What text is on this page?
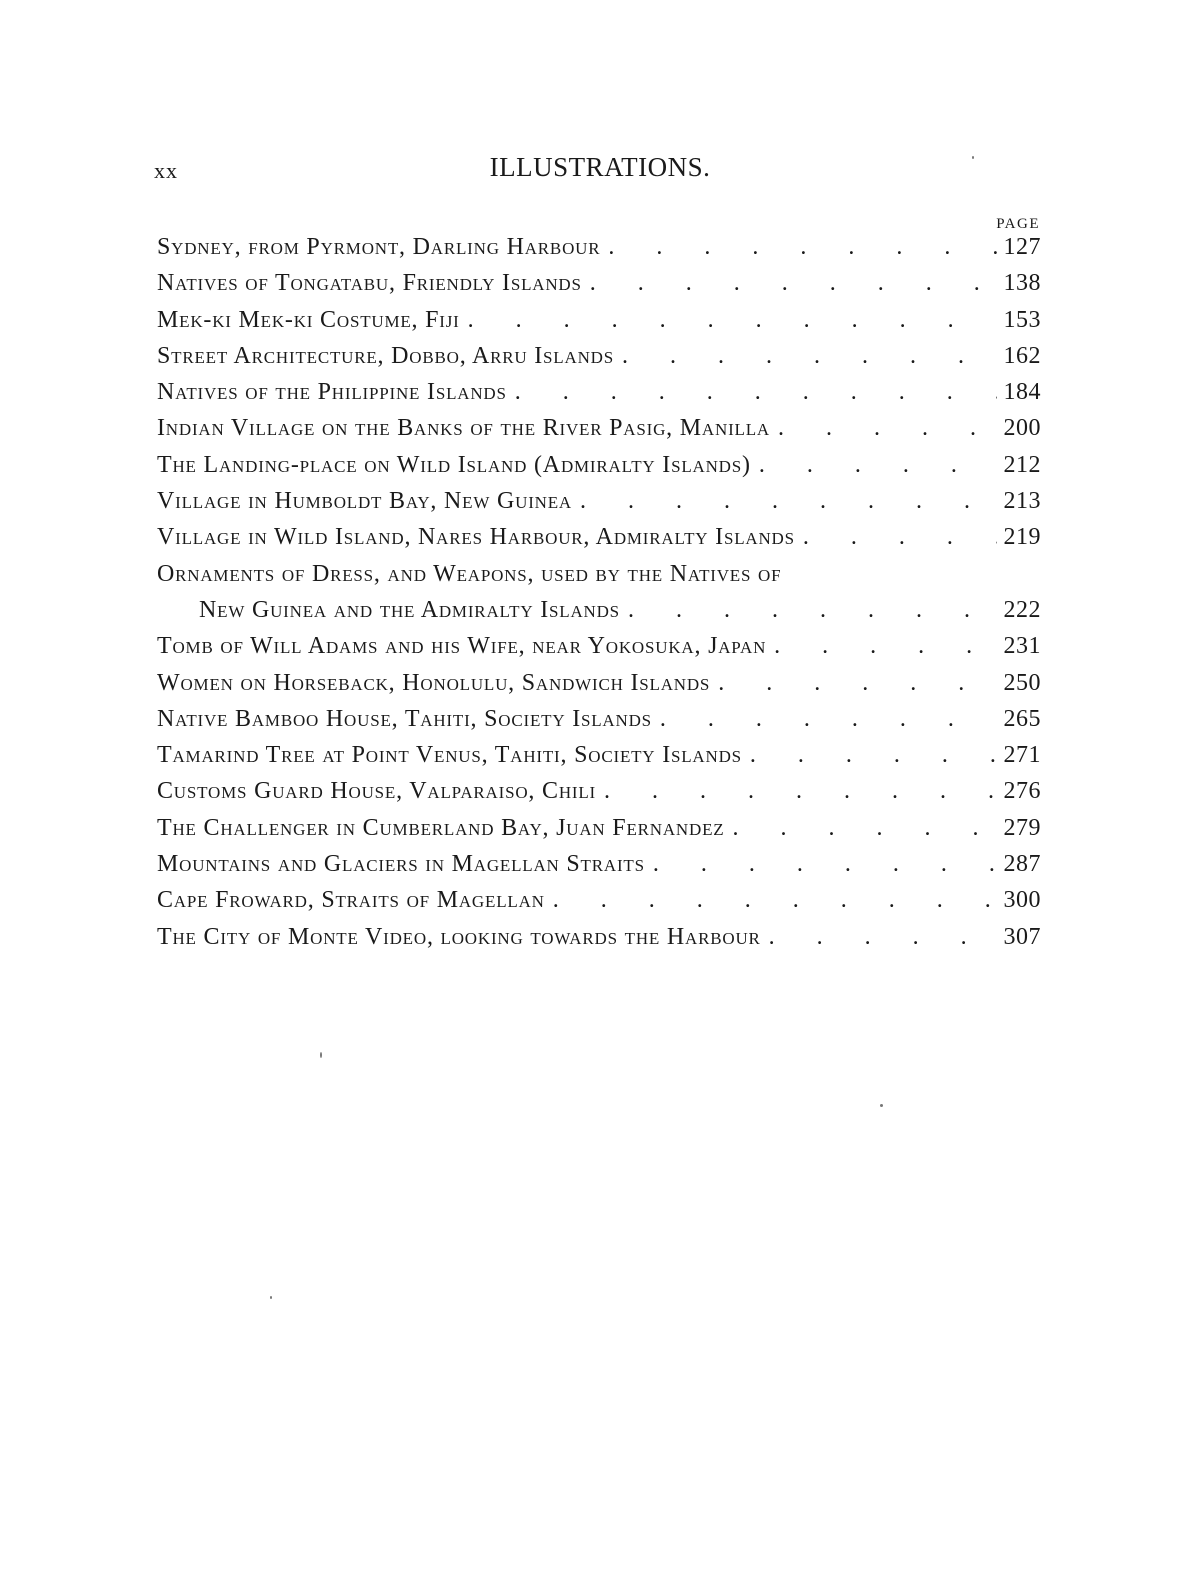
xx	ILLUSTRATIONS.
PAGE
Sydney, from Pyrmont, Darling Harbour .	127
Natives of Tongatabu, Friendly Islands .	138
Mek-ki Mek-ki Costume, Fiji .	153
Street Architecture, Dobbo, Arru Islands .	162
Natives of the Philippine Islands .	184
Indian Village on the Banks of the River Pasig, Manilla .	200
The Landing-place on Wild Island (Admiralty Islands) .	212
Village in Humboldt Bay, New Guinea .	213
Village in Wild Island, Nares Harbour, Admiralty Islands .	219
Ornaments of Dress, and Weapons, used by the Natives of
New Guinea and the Admiralty Islands .	222
Tomb of Will Adams and his Wife, near Yokosuka, Japan .	231
Women on Horseback, Honolulu, Sandwich Islands .	250
Native Bamboo House, Tahiti, Society Islands .	265
Tamarind Tree at Point Venus, Tahiti, Society Islands .	271
Customs Guard House, Valparaiso, Chili .	276
The Challenger in Cumberland Bay, Juan Fernandez .	279
Mountains and Glaciers in Magellan Straits .	287
Cape Froward, Straits of Magellan .	300
The City of Monte Video, looking towards the Harbour .	307
